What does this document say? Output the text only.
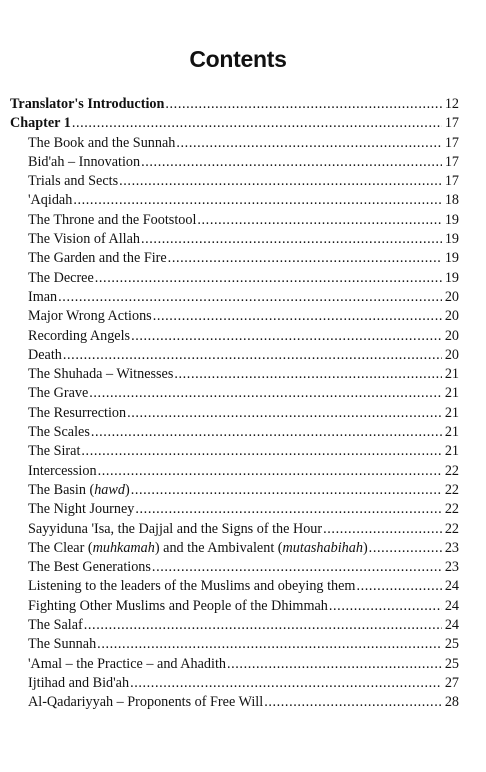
Contents
Translator's Introduction .....	12
Chapter 1 .....	17
The Book and the Sunnah .....	17
Bid'ah – Innovation .....	17
Trials and Sects .....	17
'Aqidah .....	18
The Throne and the Footstool .....	19
The Vision of Allah .....	19
The Garden and the Fire .....	19
The Decree .....	19
Iman .....	20
Major Wrong Actions .....	20
Recording Angels .....	20
Death .....	20
The Shuhada – Witnesses .....	21
The Grave .....	21
The Resurrection .....	21
The Scales .....	21
The Sirat .....	21
Intercession .....	22
The Basin (hawd) .....	22
The Night Journey .....	22
Sayyiduna 'Isa, the Dajjal and the Signs of the Hour .....	22
The Clear (muhkamah) and the Ambivalent (mutashabihah) .....	23
The Best Generations .....	23
Listening to the leaders of the Muslims and obeying them .....	24
Fighting Other Muslims and People of the Dhimmah .....	24
The Salaf .....	24
The Sunnah .....	25
'Amal – the Practice – and Ahadith .....	25
Ijtihad and Bid'ah .....	27
Al-Qadariyyah – Proponents of Free Will .....	28
